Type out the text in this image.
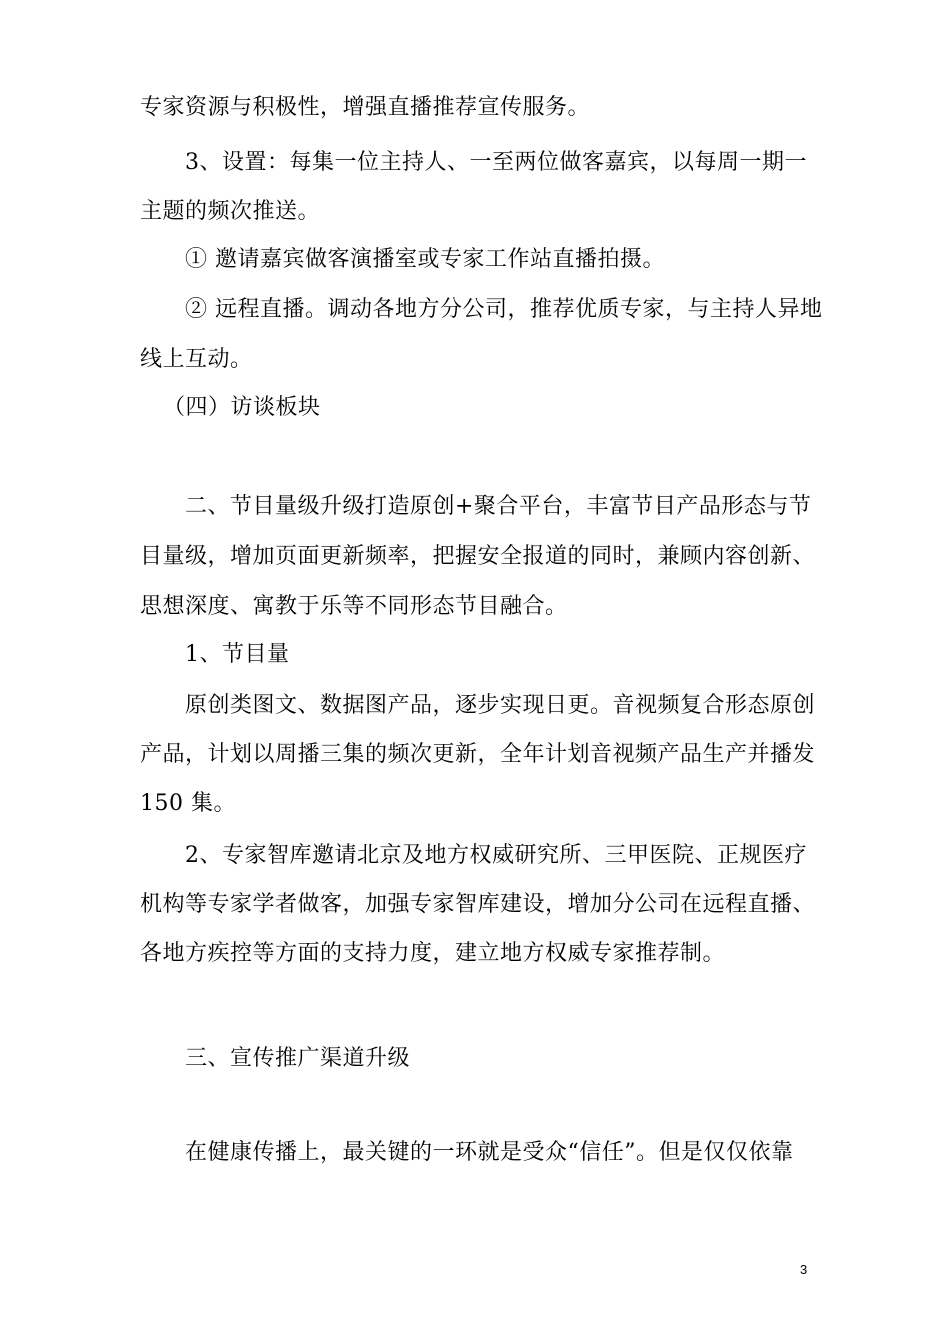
专家资源与积极性，增强直播推荐宣传服务。

3、设置：每集一位主持人、一至两位做客嘉宾，以每周一期一

主题的频次推送。

① 邀请嘉宾做客演播室或专家工作站直播拍摄。

② 远程直播。调动各地方分公司，推荐优质专家，与主持人异地

线上互动。

（四）访谈板块

二、节目量级升级打造原创+聚合平台，丰富节目产品形态与节

目量级，增加页面更新频率，把握安全报道的同时，兼顾内容创新、

思想深度、寓教于乐等不同形态节目融合。

1、节目量

原创类图文、数据图产品，逐步实现日更。音视频复合形态原创

产品，计划以周播三集的频次更新，全年计划音视频产品生产并播发

150 集。

2、专家智库邀请北京及地方权威研究所、三甲医院、正规医疗

机构等专家学者做客，加强专家智库建设，增加分公司在远程直播、

各地方疾控等方面的支持力度，建立地方权威专家推荐制。

三、宣传推广渠道升级

在健康传播上，最关键的一环就是受众“信任”。但是仅仅依靠

3
